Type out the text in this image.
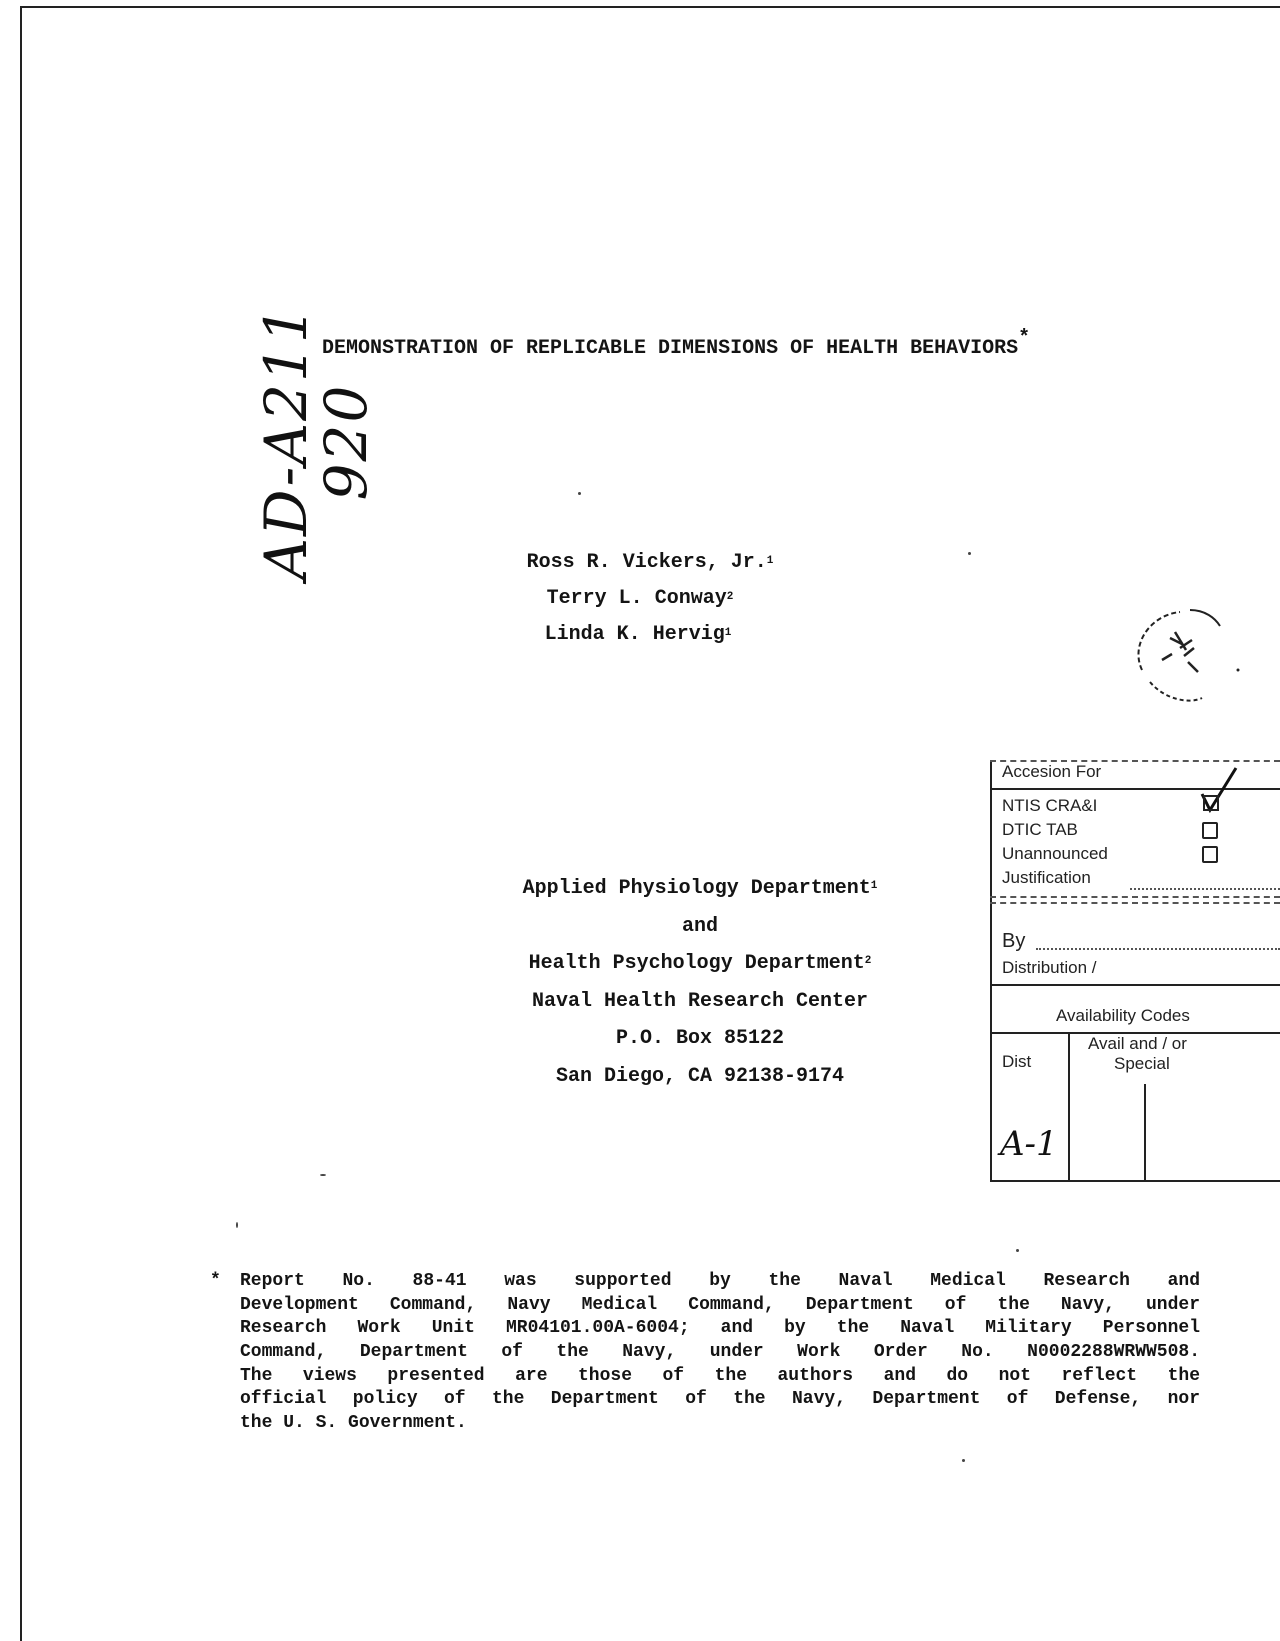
AD-A211 920
DEMONSTRATION OF REPLICABLE DIMENSIONS OF HEALTH BEHAVIORS*
Ross R. Vickers, Jr.$^1$
Terry L. Conway$^2$
Linda K. Hervig$^1$
Accesion For
NTIS CRA&I
DTIC TAB
Unannounced
Justification
By
Distribution /
Availability Codes
Dist
Avail and / or
Special
A-1
Applied Physiology Department$^1$
and
Health Psychology Department$^2$
Naval Health Research Center
P.O. Box 85122
San Diego, CA 92138-9174
* Report No. 88-41 was supported by the Naval Medical Research and
Development Command, Navy Medical Command, Department of the Navy, under
Research Work Unit MR04101.00A-6004; and by the Naval Military Personnel
Command, Department of the Navy, under Work Order No. N0002288WRWW508.
The views presented are those of the authors and do not reflect the
official policy of the Department of the Navy, Department of Defense, nor
the U. S. Government.
